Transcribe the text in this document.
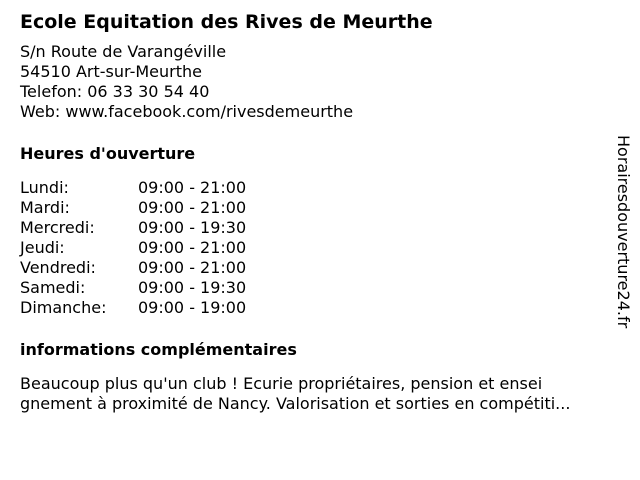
Ecole Equitation des Rives de Meurthe
S/n Route de Varangéville
54510 Art-sur-Meurthe
Telefon: 06 33 30 54 40
Web: www.facebook.com/rivesdemeurthe
Heures d'ouverture
Lundi:	09:00 - 21:00
Mardi:	09:00 - 21:00
Mercredi:	09:00 - 19:30
Jeudi:	09:00 - 21:00
Vendredi:	09:00 - 21:00
Samedi:	09:00 - 19:30
Dimanche:	09:00 - 19:00
informations complémentaires
Beaucoup plus qu'un club ! Ecurie propriétaires, pension et ensei
gnement à proximité de Nancy. Valorisation et sorties en compétiti...
Horairesdouverture24.fr
